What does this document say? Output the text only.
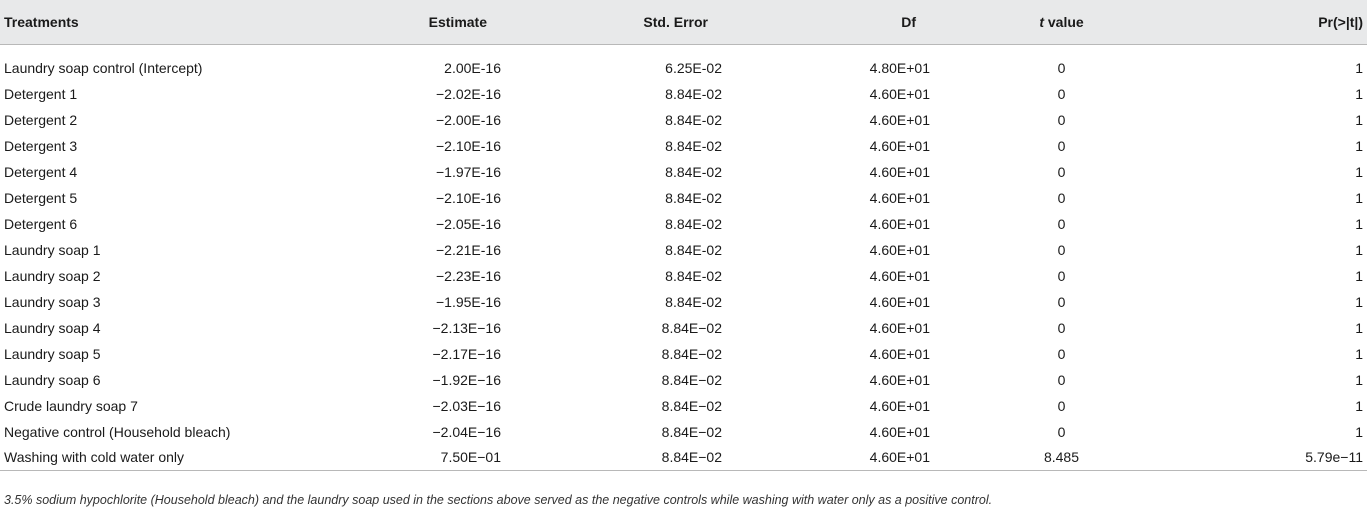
Treatments	Estimate	Std. Error	Df	t value	Pr(>|t|)
Laundry soap control (Intercept)	2.00E-16	6.25E-02	4.80E+01	0	1
Detergent 1	−2.02E-16	8.84E-02	4.60E+01	0	1
Detergent 2	−2.00E-16	8.84E-02	4.60E+01	0	1
Detergent 3	−2.10E-16	8.84E-02	4.60E+01	0	1
Detergent 4	−1.97E-16	8.84E-02	4.60E+01	0	1
Detergent 5	−2.10E-16	8.84E-02	4.60E+01	0	1
Detergent 6	−2.05E-16	8.84E-02	4.60E+01	0	1
Laundry soap 1	−2.21E-16	8.84E-02	4.60E+01	0	1
Laundry soap 2	−2.23E-16	8.84E-02	4.60E+01	0	1
Laundry soap 3	−1.95E-16	8.84E-02	4.60E+01	0	1
Laundry soap 4	−2.13E−16	8.84E−02	4.60E+01	0	1
Laundry soap 5	−2.17E−16	8.84E−02	4.60E+01	0	1
Laundry soap 6	−1.92E−16	8.84E−02	4.60E+01	0	1
Crude laundry soap 7	−2.03E−16	8.84E−02	4.60E+01	0	1
Negative control (Household bleach)	−2.04E−16	8.84E−02	4.60E+01	0	1
Washing with cold water only	7.50E−01	8.84E−02	4.60E+01	8.485	5.79e−11
3.5% sodium hypochlorite (Household bleach) and the laundry soap used in the sections above served as the negative controls while washing with water only as a positive control.
